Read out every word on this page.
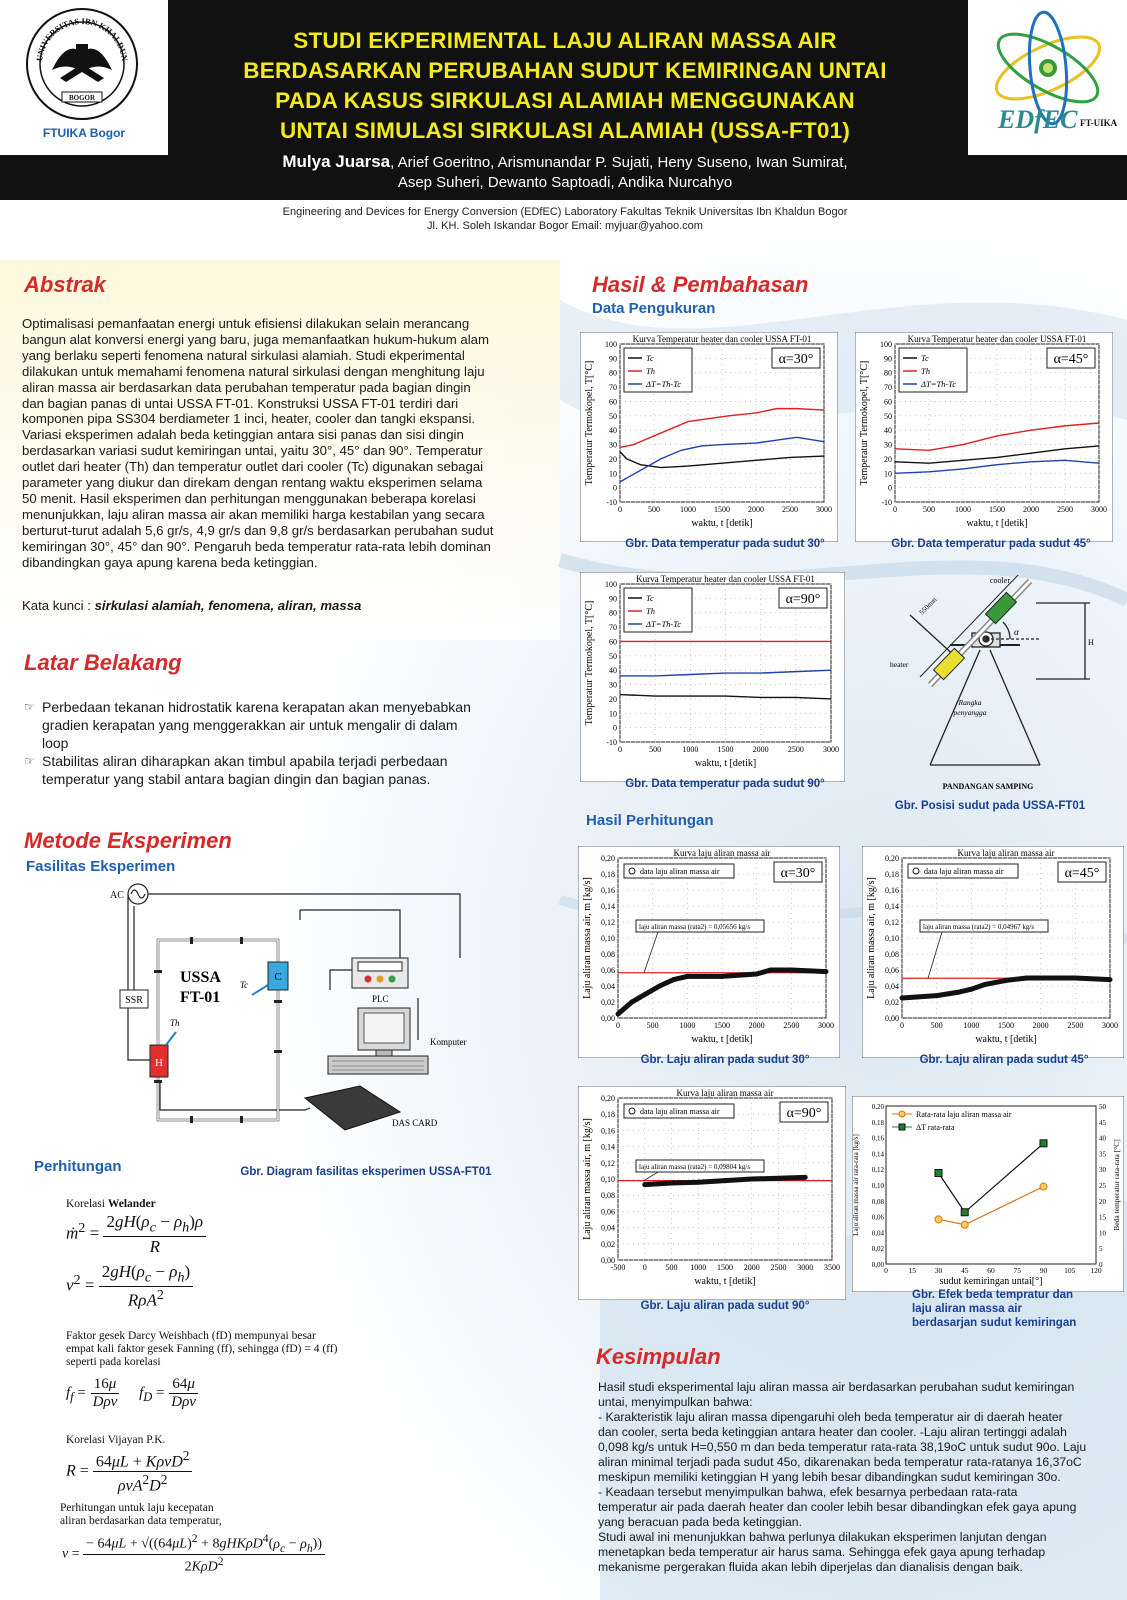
UNIVERSITAS IBN KHALDUN
BOGOR
FTUIKA Bogor	EDfEC FT-UIKA
STUDI EKPERIMENTAL LAJU ALIRAN MASSA AIR
BERDASARKAN PERUBAHAN SUDUT KEMIRINGAN UNTAI
PADA KASUS SIRKULASI ALAMIAH MENGGUNAKAN
UNTAI SIMULASI SIRKULASI ALAMIAH (USSA-FT01)
Mulya Juarsa, Arief Goeritno, Arismunandar P. Sujati, Heny Suseno, Iwan Sumirat,
Asep Suheri, Dewanto Saptoadi, Andika Nurcahyo
Engineering and Devices for Energy Conversion (EDfEC) Laboratory Fakultas Teknik Universitas Ibn Khaldun Bogor
Jl. KH. Soleh Iskandar Bogor Email: myjuar@yahoo.com
Abstrak
Optimalisasi pemanfaatan energi untuk efisiensi dilakukan selain merancang
bangun alat konversi energi yang baru, juga memanfaatkan hukum-hukum alam
yang berlaku seperti fenomena natural sirkulasi alamiah. Studi ekperimental
dilakukan untuk memahami fenomena natural sirkulasi dengan menghitung laju
aliran massa air berdasarkan data perubahan temperatur pada bagian dingin
dan bagian panas di untai USSA FT-01. Konstruksi USSA FT-01 terdiri dari
komponen pipa SS304 berdiameter 1 inci, heater, cooler dan tangki ekspansi.
Variasi eksperimen adalah beda ketinggian antara sisi panas dan sisi dingin
berdasarkan variasi sudut kemiringan untai, yaitu 30°, 45° dan 90°. Temperatur
outlet dari heater (Th) dan temperatur outlet dari cooler (Tc) digunakan sebagai
parameter yang diukur dan direkam dengan rentang waktu eksperimen selama
50 menit. Hasil eksperimen dan perhitungan menggunakan beberapa korelasi
menunjukkan, laju aliran massa air akan memiliki harga kestabilan yang secara
berturut-turut adalah 5,6 gr/s, 4,9 gr/s dan 9,8 gr/s berdasarkan perubahan sudut
kemiringan 30°, 45° dan 90°. Pengaruh beda temperatur rata-rata lebih dominan
dibandingkan gaya apung karena beda ketinggian.
Kata kunci : sirkulasi alamiah, fenomena, aliran, massa
Latar Belakang
☞ Perbedaan tekanan hidrostatik karena kerapatan akan menyebabkan
gradien kerapatan yang menggerakkan air untuk mengalir di dalam
loop
☞ Stabilitas aliran diharapkan akan timbul apabila terjadi perbedaan
temperatur yang stabil antara bagian dingin dan bagian panas.
Metode Eksperimen
Fasilitas Eksperimen
SSR
AC
C
H
Tc
Th
USSA
FT-01	PLC
Komputer
DAS CARD
Gbr. Diagram fasilitas eksperimen USSA-FT01
Perhitungan
Korelasi Welander
ṁ$^2$ = $\frac{2gH(\rho_c - \rho_h)\rho}{R}$
$v^2 = \frac{2gH(\rho_c - \rho_h)}{R\rho A^2}$
Faktor gesek Darcy Weishbach (fD) mempunyai besar
empat kali faktor gesek Fanning (ff), sehingga (fD) = 4 (ff)
seperti pada korelasi
$f_f = \frac{16\mu}{\text{Dρv}} f_D = \frac{64\mu}{\text{Dρv}}$
Korelasi Vijayan P.K.
$R = \frac{64\mu L + K\rho vD^2}{\rho vA^2D^2}$
Perhitungan untuk laju kecepatan
aliran berdasarkan data temperatur,
$v = \frac{- 64\mu L + √((64\mu L)^2 + 8gHK\rho D^4(\rho_c - \rho_h))}{2K\rho D^2}$
Hasil & Pembahasan
Data Pengukuran
-10
0
10
20
30
40
50
60
70
80
90
100
0	500	1000 1500 2000 2500 3000
Kurva Temperatur heater dan cooler USSA FT-01
waktu, t [detik]
Temperatur Termokopel, T[°C]
α=30°
Tc
Th
ΔT=Th-Tc
Gbr. Data temperatur pada sudut 30°
-10
0
10
20
30
40
50
60
70
80
90
100
0	500	1000 1500 2000 2500 3000
Kurva Temperatur heater dan cooler USSA FT-01
waktu, t [detik]
Temperatur Termokopel, T[°C]
α=45°
Tc
Th
ΔT=Th-Tc
Gbr. Data temperatur pada sudut 45°
-10
0
10
20
30
40
50
60
70
80
90
100
0	500	1000 1500 2000 2500 3000
Kurva Temperatur heater dan cooler USSA FT-01
waktu, t [detik]
Temperatur Termokopel, T[°C]
α=90°
Tc
Th
ΔT=Th-Tc
Gbr. Data temperatur pada sudut 90°
cooler
heater
550mm
α
H
Rangka
penyangga
PANDANGAN SAMPING
Gbr. Posisi sudut pada USSA-FT01
Hasil Perhitungan
0,00
0,02
0,04
0,06
0,08
0,10
0,12
0,14
0,16
0,18
0,20
0	500	1000 1500 2000 2500 3000
Kurva laju aliran massa air
waktu, t [detik]
Laju aliran massa air, m [kg/s]
α=30°
data laju aliran massa air
laju aliran massa (rata2) = 0,05656 kg/s
Gbr. Laju aliran pada sudut 30°
0,00
0,02
0,04
0,06
0,08
0,10
0,12
0,14
0,16
0,18
0,20
0	500	1000 1500 2000 2500 3000
Kurva laju aliran massa air
waktu, t [detik]
Laju aliran massa air, m [kg/s]
α=45°
data laju aliran massa air
laju aliran massa (rata2) = 0,04967 kg/s
Gbr. Laju aliran pada sudut 45°
0,00
0,02
0,04
0,06
0,08
0,10
0,12
0,14
0,16
0,18
0,20
-500 0 500 1000 1500 2000 2500 3000 3500
Kurva laju aliran massa air
waktu, t [detik]
Laju aliran massa air, m [kg/s]
α=90°
data laju aliran massa air
laju aliran massa (rata2) = 0,09804 kg/s
Gbr. Laju aliran pada sudut 90°
0,00
0,02
0,04
0,06
0,08
0,10
0,12
0,14
0,16
0,18
0,20
0
5
10
15
20
25
30
35
40
45
50
0	15	30	45	60	75	90 105 120
sudut kemiringan untai[°]
Laju aliran massa air rata-rata [kg/s]	Beda temperatur rata-rata [°C]
Rata-rata laju aliran massa air
ΔT rata-rata
Gbr. Efek beda tempratur dan
laju aliran massa air
berdasarjan sudut kemiringan
Kesimpulan
Hasil studi eksperimental laju aliran massa air berdasarkan perubahan sudut kemiringan
untai, menyimpulkan bahwa:
- Karakteristik laju aliran massa dipengaruhi oleh beda temperatur air di daerah heater
dan cooler, serta beda ketinggian antara heater dan cooler. -Laju aliran tertinggi adalah
0,098 kg/s untuk H=0,550 m dan beda temperatur rata-rata 38,19oC untuk sudut 90o. Laju
aliran minimal terjadi pada sudut 45o, dikarenakan beda temperatur rata-ratanya 16,37oC
meskipun memiliki ketinggian H yang lebih besar dibandingkan sudut kemiringan 30o.
- Keadaan tersebut menyimpulkan bahwa, efek besarnya perbedaan rata-rata
temperatur air pada daerah heater dan cooler lebih besar dibandingkan efek gaya apung
yang beracuan pada beda ketinggian.
Studi awal ini menunjukkan bahwa perlunya dilakukan eksperimen lanjutan dengan
menetapkan beda temperatur air harus sama. Sehingga efek gaya apung terhadap
mekanisme pergerakan fluida akan lebih diperjelas dan dianalisis dengan baik.
